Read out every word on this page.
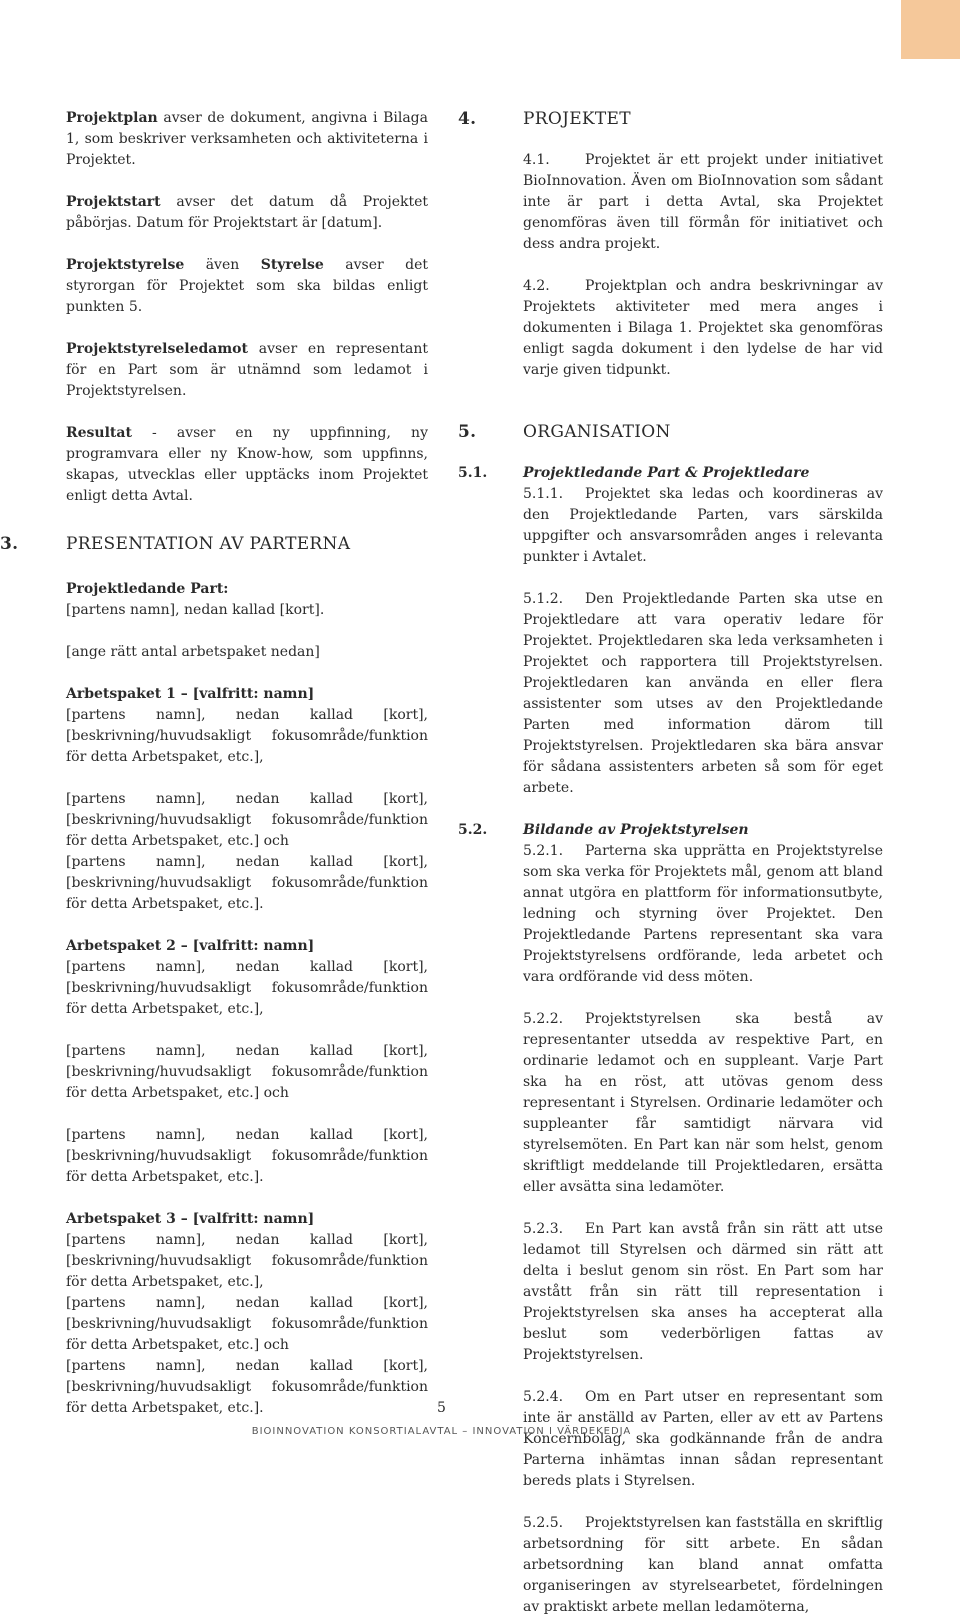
Projektplan avser de dokument, angivna i Bilaga 1, som beskriver verksamheten och aktiviteterna i Projektet.

Projektstart avser det datum då Projektet påbörjas. Datum för Projektstart är [datum].

Projektstyrelse även Styrelse avser det styrorgan för Projektet som ska bildas enligt punkten 5.

Projektstyrelseledamot avser en representant för en Part som är utnämnd som ledamot i Projektstyrelsen.

Resultat - avser en ny uppfinning, ny programvara eller ny Know-how, som uppfinns, skapas, utvecklas eller upptäcks inom Projektet enligt detta Avtal.

3.	PRESENTATION AV PARTERNA

Projektledande Part:

[partens namn], nedan kallad [kort].

[ange rätt antal arbetspaket nedan]

Arbetspaket 1 – [valfritt: namn]

[partens namn], nedan kallad [kort], [beskrivning/huvudsakligt fokusområde/funktion för detta Arbetspaket, etc.],

[partens namn], nedan kallad [kort], [beskrivning/huvudsakligt fokusområde/funktion för detta Arbetspaket, etc.] och

[partens namn], nedan kallad [kort], [beskrivning/huvudsakligt fokusområde/funktion för detta Arbetspaket, etc.].

Arbetspaket 2 – [valfritt: namn]

[partens namn], nedan kallad [kort], [beskrivning/huvudsakligt fokusområde/funktion för detta Arbetspaket, etc.],

[partens namn], nedan kallad [kort], [beskrivning/huvudsakligt fokusområde/funktion för detta Arbetspaket, etc.] och

[partens namn], nedan kallad [kort], [beskrivning/huvudsakligt fokusområde/funktion för detta Arbetspaket, etc.].

Arbetspaket 3 – [valfritt: namn]

[partens namn], nedan kallad [kort], [beskrivning/huvudsakligt fokusområde/funktion för detta Arbetspaket, etc.],

[partens namn], nedan kallad [kort], [beskrivning/huvudsakligt fokusområde/funktion för detta Arbetspaket, etc.] och

[partens namn], nedan kallad [kort], [beskrivning/huvudsakligt fokusområde/funktion för detta Arbetspaket, etc.].

4.	PROJEKTET

4.1.	Projektet är ett projekt under initiativet BioInnovation. Även om BioInnovation som sådant inte är part i detta Avtal, ska Projektet genomföras även till förmån för initiativet och dess andra projekt.

4.2.	Projektplan och andra beskrivningar av Projektets aktiviteter med mera anges i dokumenten i Bilaga 1. Projektet ska genomföras enligt sagda dokument i den lydelse de har vid varje given tidpunkt.

5.	ORGANISATION
5.1.	Projektledande Part & Projektledare

5.1.1. Projektet ska ledas och koordineras av den Projektledande Parten, vars särskilda uppgifter och ansvarsområden anges i relevanta punkter i Avtalet.

5.1.2. Den Projektledande Parten ska utse en Projektledare att vara operativ ledare för Projektet. Projektledaren ska leda verksamheten i Projektet och rapportera till Projektstyrelsen. Projektledaren kan använda en eller flera assistenter som utses av den Projektledande Parten med information därom till Projektstyrelsen. Projektledaren ska bära ansvar för sådana assistenters arbeten så som för eget arbete.

5.2.	Bildande av Projektstyrelsen

5.2.1. Parterna ska upprätta en Projektstyrelse som ska verka för Projektets mål, genom att bland annat utgöra en plattform för informationsutbyte, ledning och styrning över Projektet. Den Projektledande Partens representant ska vara Projektstyrelsens ordförande, leda arbetet och vara ordförande vid dess möten.

5.2.2. Projektstyrelsen ska bestå av representanter utsedda av respektive Part, en ordinarie ledamot och en suppleant. Varje Part ska ha en röst, att utövas genom dess representant i Styrelsen. Ordinarie ledamöter och suppleanter får samtidigt närvara vid styrelsemöten. En Part kan när som helst, genom skriftligt meddelande till Projektledaren, ersätta eller avsätta sina ledamöter.

5.2.3. En Part kan avstå från sin rätt att utse ledamot till Styrelsen och därmed sin rätt att delta i beslut genom sin röst. En Part som har avstått från sin rätt till representation i Projektstyrelsen ska anses ha accepterat alla beslut som vederbörligen fattas av Projektstyrelsen.

5.2.4. Om en Part utser en representant som inte är anställd av Parten, eller av ett av Partens Koncernbolag, ska godkännande från de andra Parterna inhämtas innan sådan representant bereds plats i Styrelsen.

5.2.5. Projektstyrelsen kan fastställa en skriftlig arbetsordning för sitt arbete. En sådan arbetsordning kan bland annat omfatta organiseringen av styrelsearbetet, fördelningen av praktiskt arbete mellan ledamöterna,

5
BIOINNOVATION KONSORTIALAVTAL – INNOVATION I VÄRDEKEDJA
